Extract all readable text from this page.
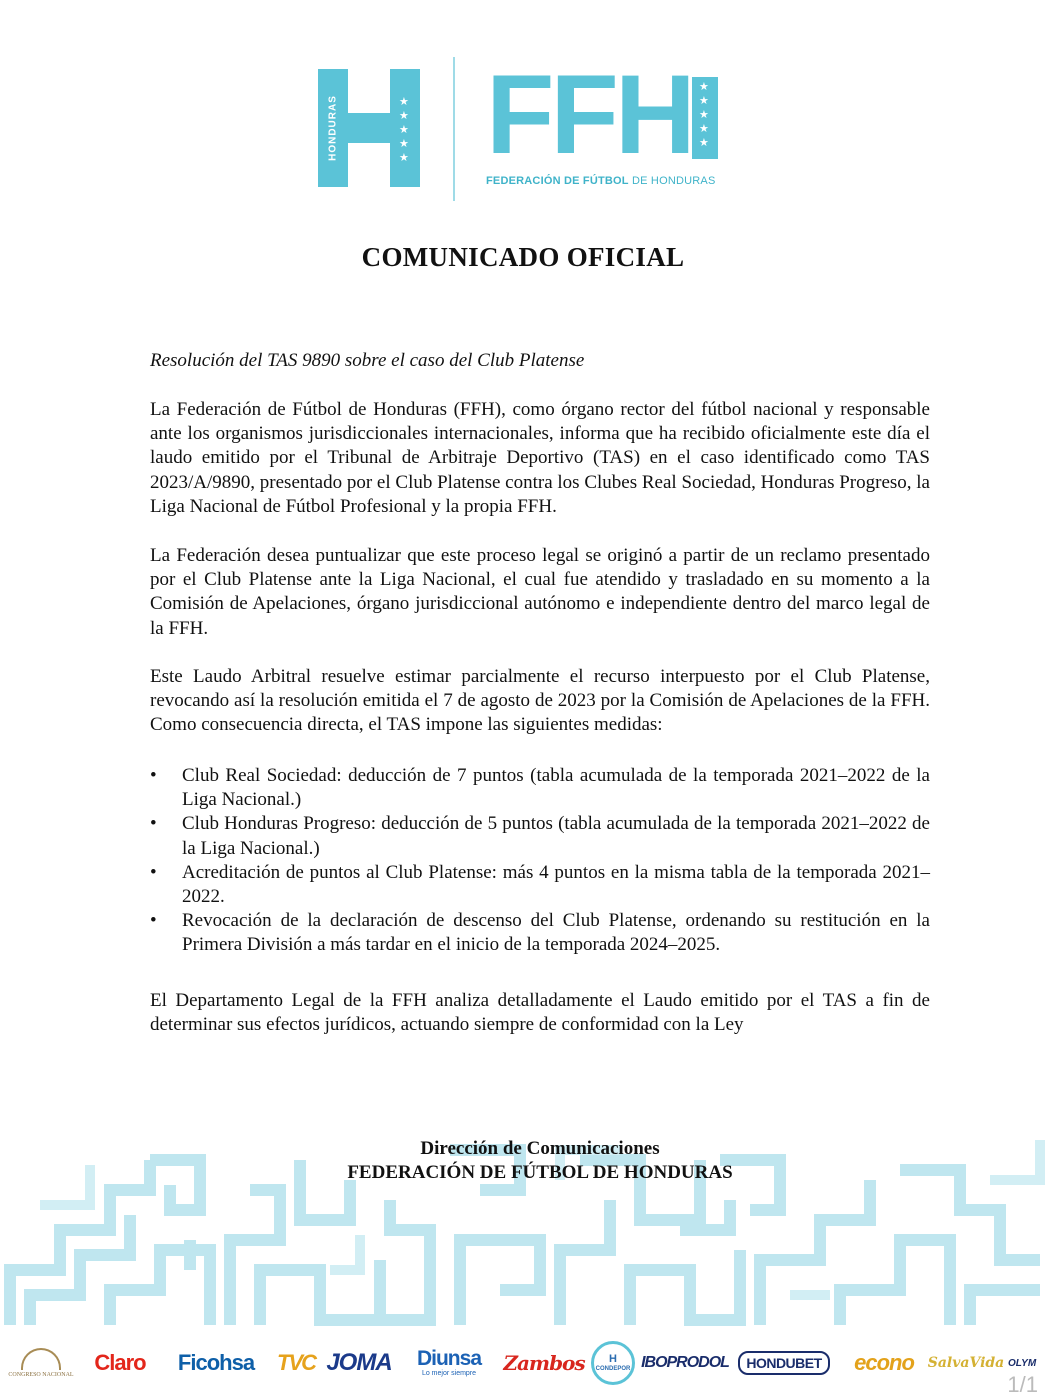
HONDURAS	★
★
★
★
★ FFH ★
★
★
★
★
FEDERACIÓN DE FÚTBOL DE HONDURAS
COMUNICADO OFICIAL

Resolución del TAS 9890 sobre el caso del Club Platense

La Federación de Fútbol de Honduras (FFH), como órgano rector del fútbol nacional y responsable ante los organismos jurisdiccionales internacionales, informa que ha recibido oficialmente este día el laudo emitido por el Tribunal de Arbitraje Deportivo (TAS) en el caso identificado como TAS 2023/A/9890, presentado por el Club Platense contra los Clubes Real Sociedad, Honduras Progreso, la Liga Nacional de Fútbol Profesional y la propia FFH.

La Federación desea puntualizar que este proceso legal se originó a partir de un reclamo presentado por el Club Platense ante la Liga Nacional, el cual fue atendido y trasladado en su momento a la Comisión de Apelaciones, órgano jurisdiccional autónomo e independiente dentro del marco legal de la FFH.

Este Laudo Arbitral resuelve estimar parcialmente el recurso interpuesto por el Club Platense, revocando así la resolución emitida el 7 de agosto de 2023 por la Comisión de Apelaciones de la FFH. Como consecuencia directa, el TAS impone las siguientes medidas:

• Club Real Sociedad: deducción de 7 puntos (tabla acumulada de la temporada 2021–2022 de la Liga Nacional.)
• Club Honduras Progreso: deducción de 5 puntos (tabla acumulada de la temporada 2021–2022 de la Liga Nacional.)
• Acreditación de puntos al Club Platense: más 4 puntos en la misma tabla de la temporada 2021–2022.
• Revocación de la declaración de descenso del Club Platense, ordenando su restitución en la Primera División a más tardar en el inicio de la temporada 2024–2025.

El Departamento Legal de la FFH analiza detalladamente el Laudo emitido por el TAS a fin de determinar sus efectos jurídicos, actuando siempre de conformidad con la Ley

Dirección de Comunicaciones
FEDERACIÓN DE FÚTBOL DE HONDURAS
CONGRESO NACIONAL Claro	Ficohsa	TVC JOMA Diunsa
Lo mejor siempre Zambos H
CONDEPOR IBOPRODOL	HONDUBET	econo SalvaVida OLYM
1/1
